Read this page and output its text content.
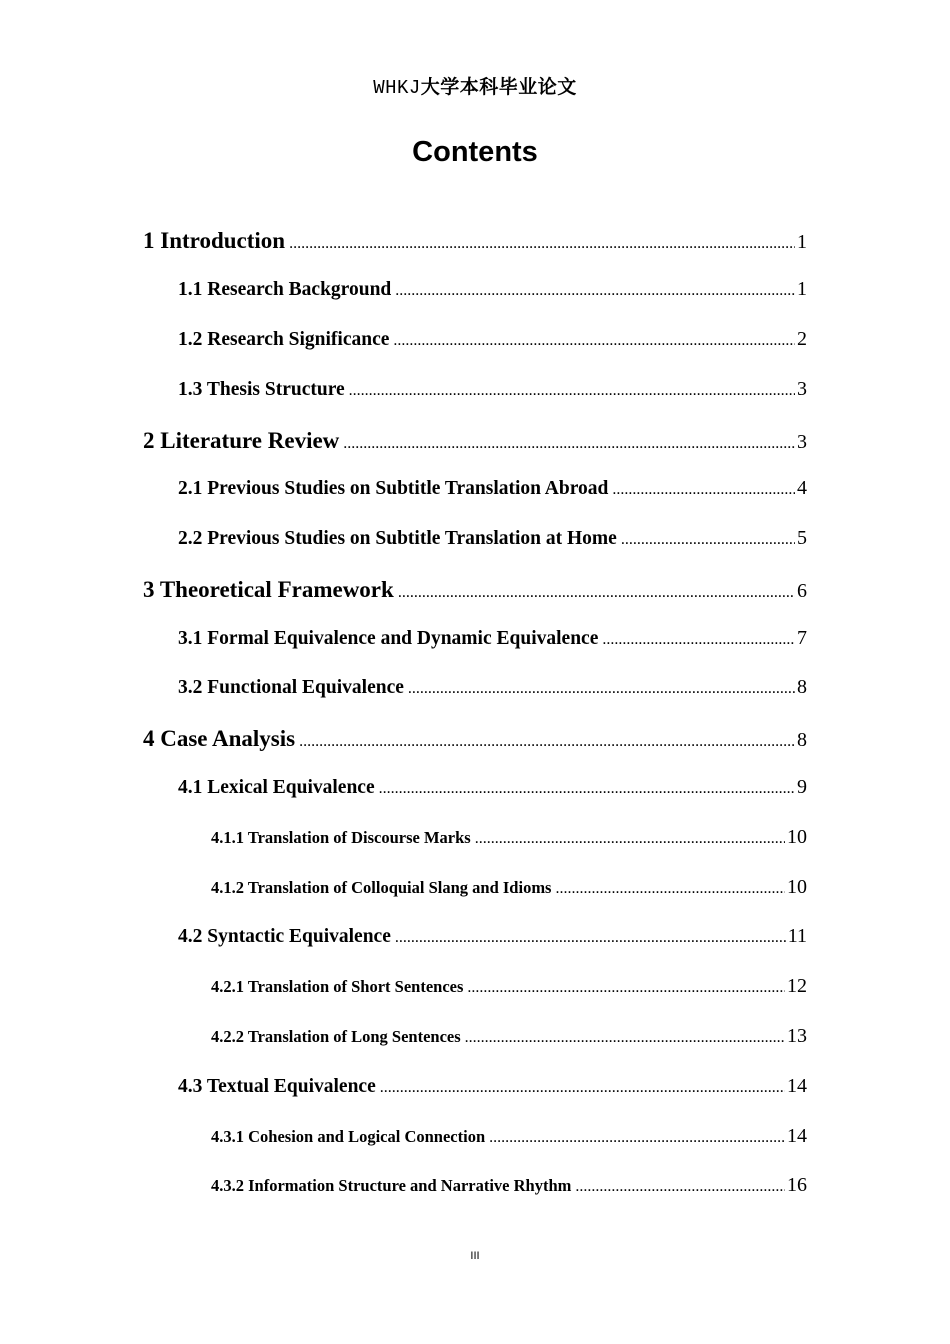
WHKJ大学本科毕业论文
Contents
1 Introduction .....	1
1.1 Research Background .....	1
1.2 Research Significance .....	2
1.3 Thesis Structure .....	3
2 Literature Review .....	3
2.1 Previous Studies on Subtitle Translation Abroad .....	4
2.2 Previous Studies on Subtitle Translation at Home .....	5
3 Theoretical Framework .....	6
3.1 Formal Equivalence and Dynamic Equivalence .....	7
3.2 Functional Equivalence .....	8
4 Case Analysis .....	8
4.1 Lexical Equivalence .....	9
4.1.1 Translation of Discourse Marks .....	10
4.1.2 Translation of Colloquial Slang and Idioms .....	10
4.2 Syntactic Equivalence .....	11
4.2.1 Translation of Short Sentences .....	12
4.2.2 Translation of Long Sentences .....	13
4.3 Textual Equivalence .....	14
4.3.1 Cohesion and Logical Connection .....	14
4.3.2 Information Structure and Narrative Rhythm .....	16
III
